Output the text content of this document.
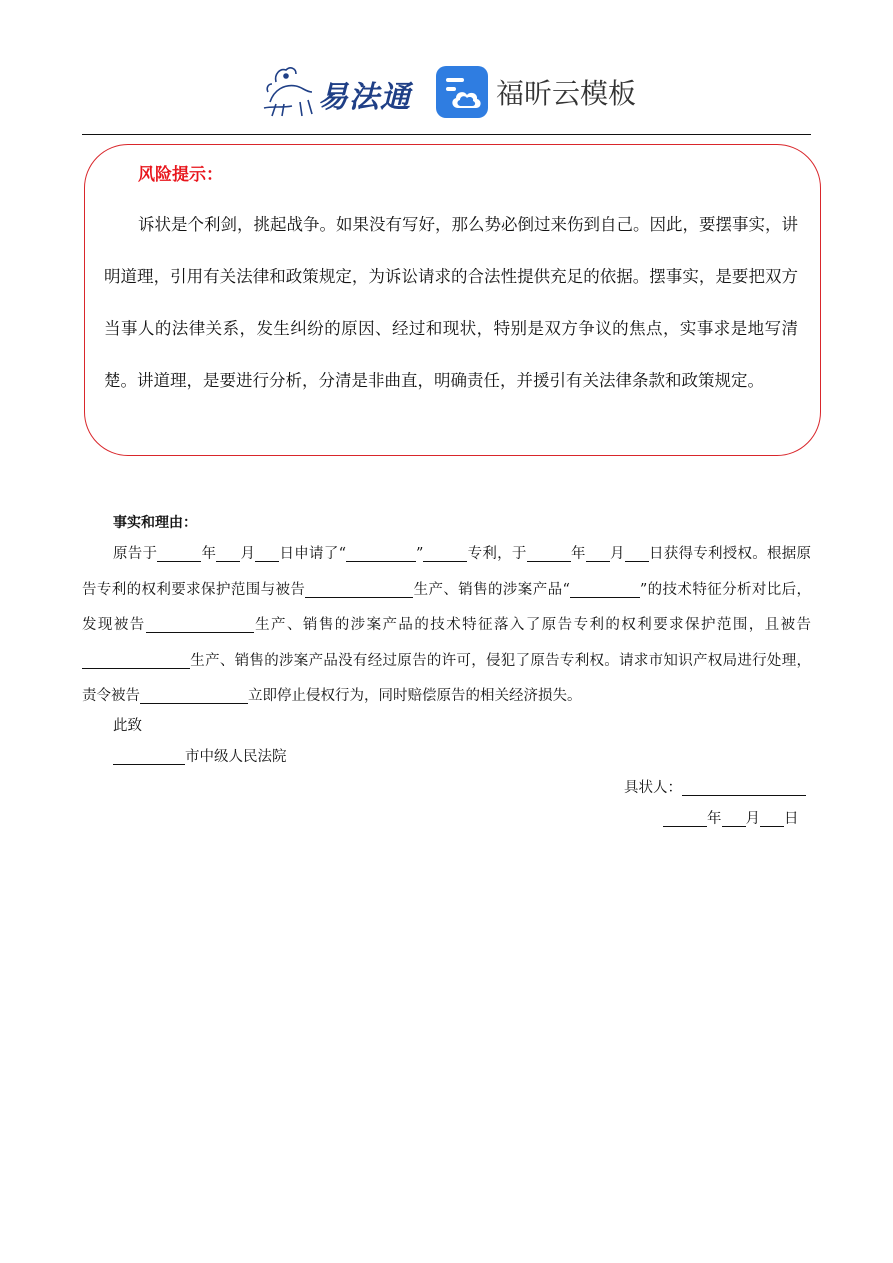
易法通	福昕云模板
风险提示：

诉状是个利剑，挑起战争。如果没有写好，那么势必倒过来伤到自己。因此，要摆事实，讲明道理，引用有关法律和政策规定，为诉讼请求的合法性提供充足的依据。摆事实，是要把双方当事人的法律关系，发生纠纷的原因、经过和现状，特别是双方争议的焦点，实事求是地写清楚。讲道理，是要进行分析，分清是非曲直，明确责任，并援引有关法律条款和政策规定。

事实和理由：

原告于	年 月 日申请了“	”	专利，于	年 月 日获得专利授权。根据原告专利的权利要求保护范围与被告	生产、销售的涉案产品“	”的技术特征分析对比后，发现被告	生产、销售的涉案产品的技术特征落入了原告专利的权利要求保护范围，且被告生产、销售的涉案产品没有经过原告的许可，侵犯了原告专利权。请求市知识产权局进行处理，责令被告	立即停止侵权行为，同时赔偿原告的相关经济损失。

此致
市中级人民法院
具状人：
年 月 日
